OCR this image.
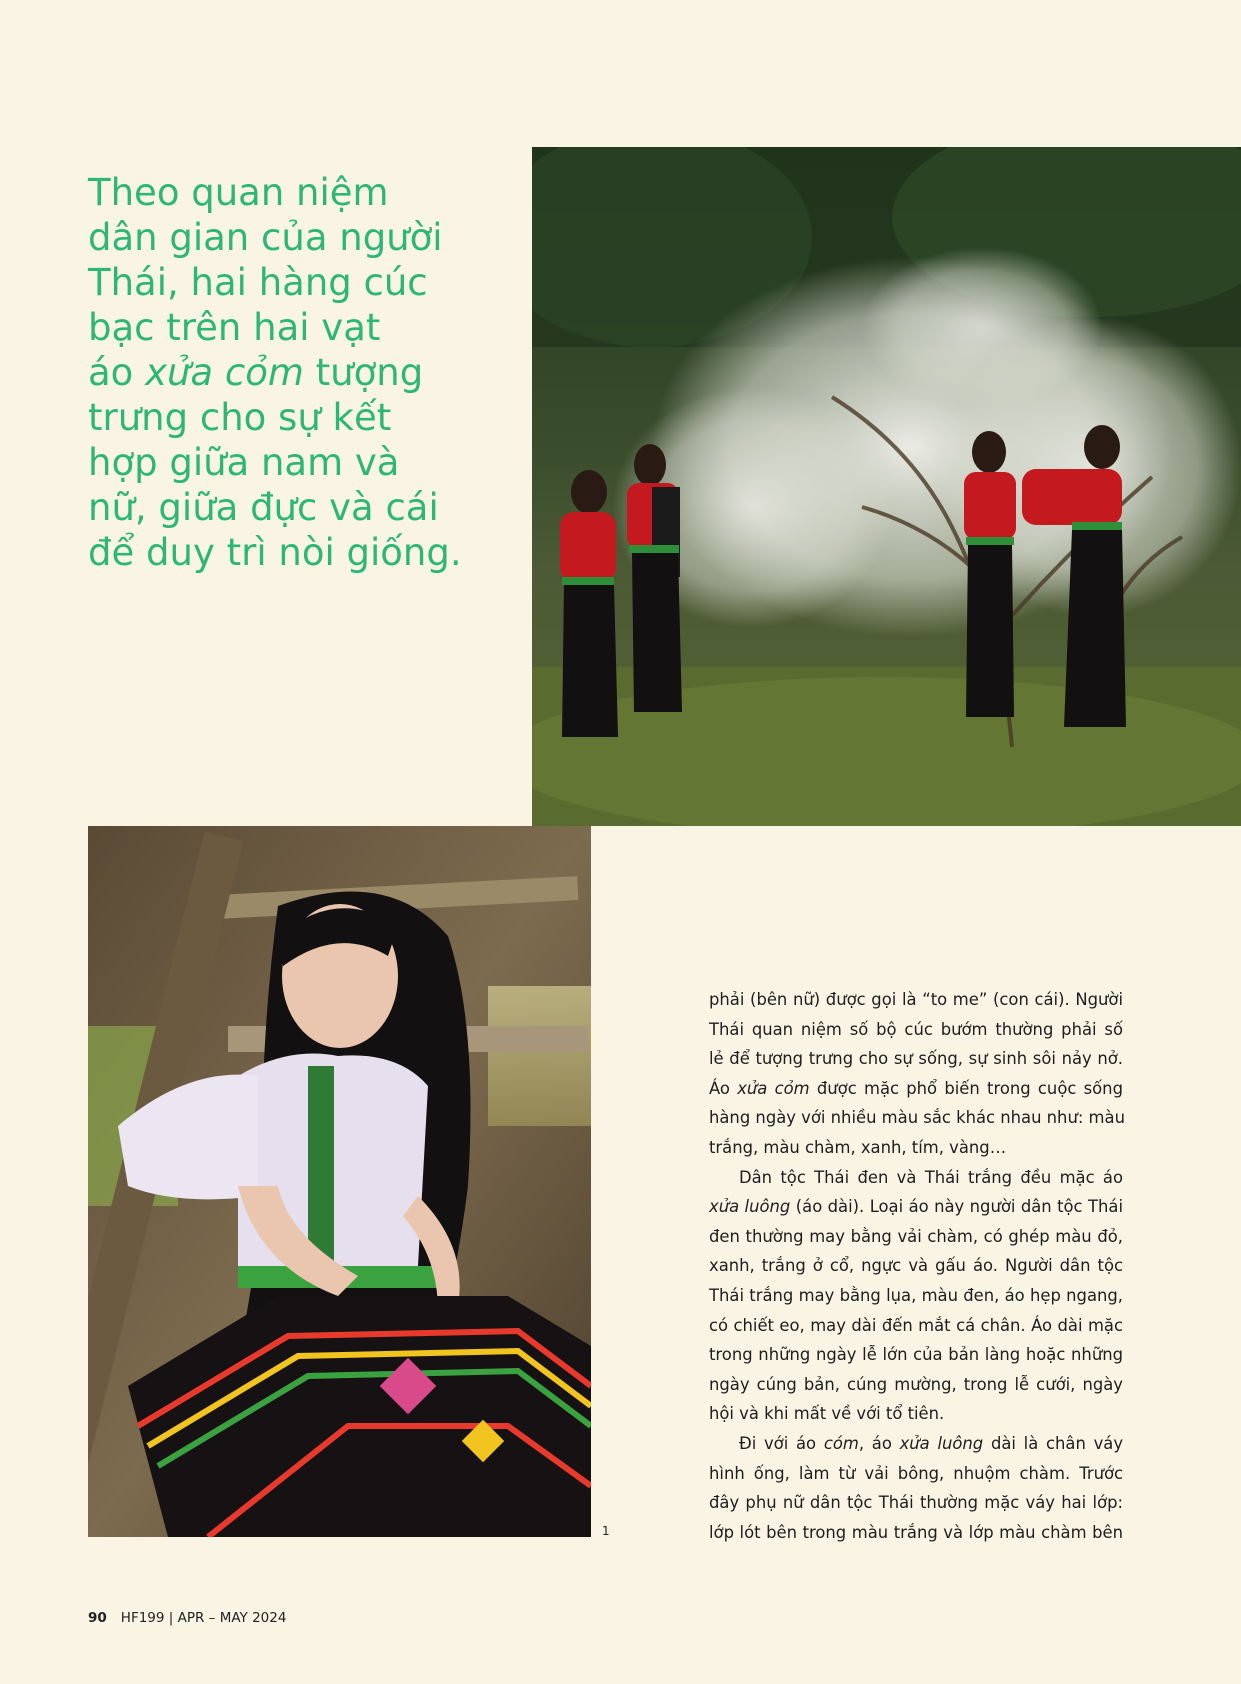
Theo quan niệm
dân gian của người
Thái, hai hàng cúc
bạc trên hai vạt
áo xửa cỏm tượng
trưng cho sự kết
hợp giữa nam và
nữ, giữa đực và cái
để duy trì nòi giống.
1

phải (bên nữ) được gọi là “to me” (con cái). Người
Thái quan niệm số bộ cúc bướm thường phải số
lẻ để tượng trưng cho sự sống, sự sinh sôi nảy nở.
Áo xửa cỏm được mặc phổ biến trong cuộc sống
hàng ngày với nhiều màu sắc khác nhau như: màu
trắng, màu chàm, xanh, tím, vàng…

Dân tộc Thái đen và Thái trắng đều mặc áo
xửa luông (áo dài). Loại áo này người dân tộc Thái
đen thường may bằng vải chàm, có ghép màu đỏ,
xanh, trắng ở cổ, ngực và gấu áo. Người dân tộc
Thái trắng may bằng lụa, màu đen, áo hẹp ngang,
có chiết eo, may dài đến mắt cá chân. Áo dài mặc
trong những ngày lễ lớn của bản làng hoặc những
ngày cúng bản, cúng mường, trong lễ cưới, ngày
hội và khi mất về với tổ tiên.

Đi với áo cóm, áo xửa luông dài là chân váy
hình ống, làm từ vải bông, nhuộm chàm. Trước
đây phụ nữ dân tộc Thái thường mặc váy hai lớp:
lớp lót bên trong màu trắng và lớp màu chàm bên

90 HF199 | APR – MAY 2024
